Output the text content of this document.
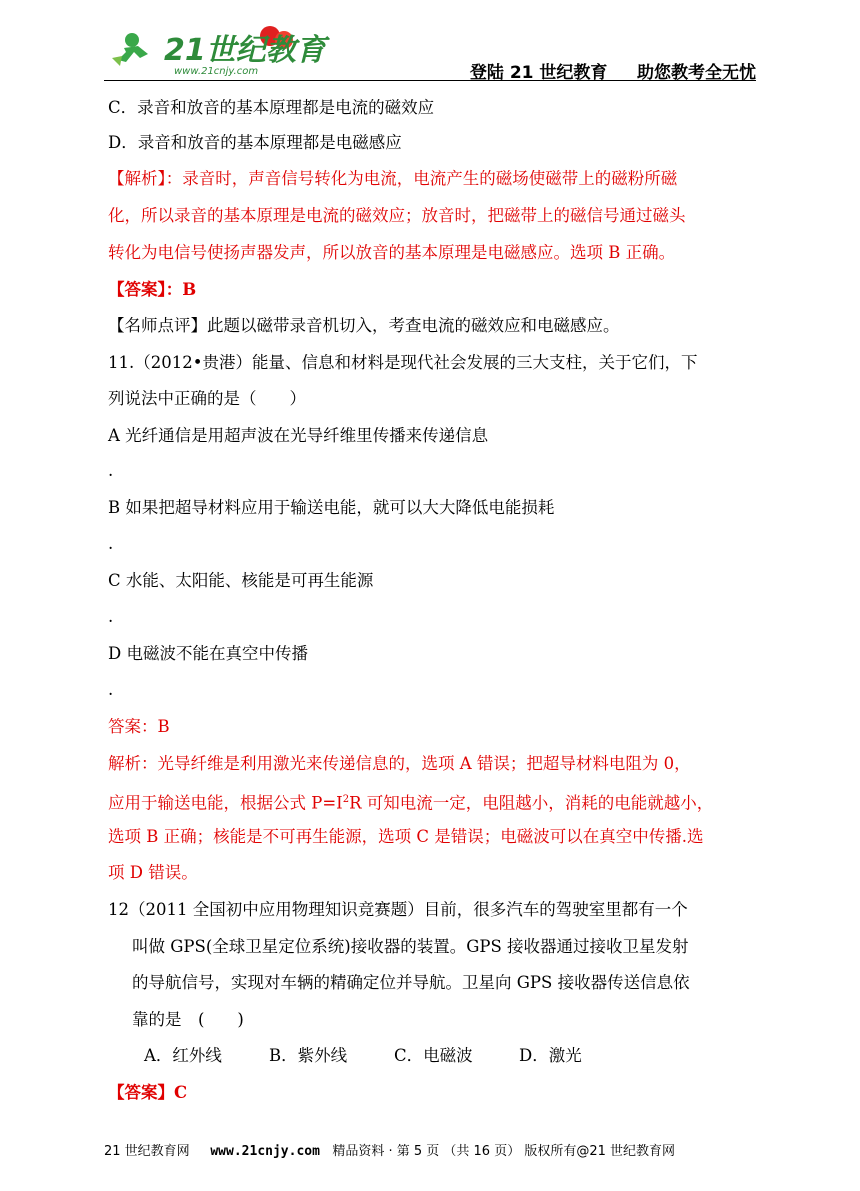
21世纪教育
www.21cnjy.com	登陆 21 世纪教育     助您教考全无忧
C．录音和放音的基本原理都是电流的磁效应
D．录音和放音的基本原理都是电磁感应
【解析】：录音时，声音信号转化为电流，电流产生的磁场使磁带上的磁粉所磁
化，所以录音的基本原理是电流的磁效应；放音时，把磁带上的磁信号通过磁头
转化为电信号使扬声器发声，所以放音的基本原理是电磁感应。选项 B 正确。
【答案】：B
【名师点评】此题以磁带录音机切入，考查电流的磁效应和电磁感应。
11.（2012•贵港）能量、信息和材料是现代社会发展的三大支柱，关于它们，下
列说法中正确的是（　　）
A 光纤通信是用超声波在光导纤维里传播来传递信息
.
B 如果把超导材料应用于输送电能，就可以大大降低电能损耗
.
C 水能、太阳能、核能是可再生能源
.
D 电磁波不能在真空中传播
.
答案：B
解析：光导纤维是利用激光来传递信息的，选项 A 错误；把超导材料电阻为 0，
应用于输送电能，根据公式 $P=I^2R$ 可知电流一定，电阻越小，消耗的电能就越小，
选项 B 正确；核能是不可再生能源，选项 C 是错误；电磁波可以在真空中传播.选
项 D 错误。
12（2011 全国初中应用物理知识竞赛题）目前，很多汽车的驾驶室里都有一个
叫做 GPS(全球卫星定位系统)接收器的装置。GPS 接收器通过接收卫星发射
的导航信号，实现对车辆的精确定位并导航。卫星向 GPS 接收器传送信息依
靠的是　(　　)
A．红外线	B．紫外线	C．电磁波	D．激光
【答案】C
21 世纪教育网 www.21cnjy.com 精品资料 · 第 5 页 （共 16 页） 版权所有@21 世纪教育网
